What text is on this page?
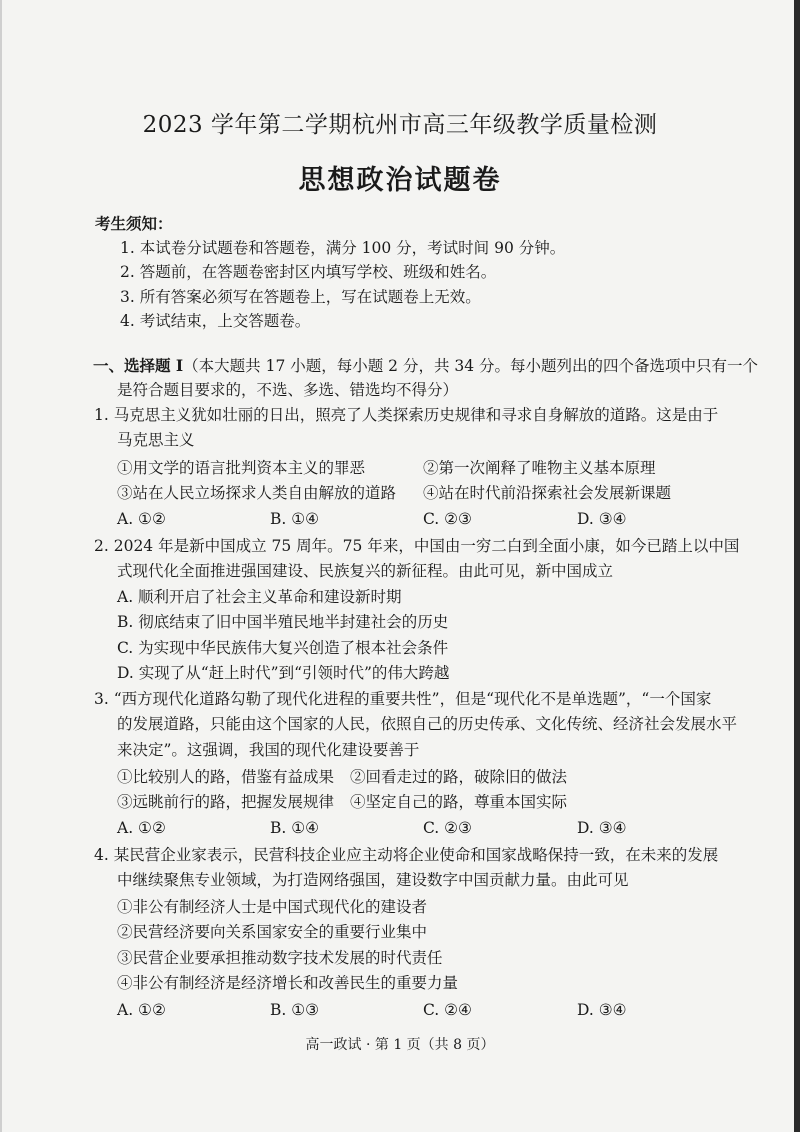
2023 学年第二学期杭州市高三年级教学质量检测
思想政治试题卷
考生须知：
1. 本试卷分试题卷和答题卷，满分 100 分，考试时间 90 分钟。
2. 答题前，在答题卷密封区内填写学校、班级和姓名。
3. 所有答案必须写在答题卷上，写在试题卷上无效。
4. 考试结束，上交答题卷。
一、选择题 I（本大题共 17 小题，每小题 2 分，共 34 分。每小题列出的四个备选项中只有一个
是符合题目要求的，不选、多选、错选均不得分）
1. 马克思主义犹如壮丽的日出，照亮了人类探索历史规律和寻求自身解放的道路。这是由于
马克思主义
①用文学的语言批判资本主义的罪恶	②第一次阐释了唯物主义基本原理
③站在人民立场探求人类自由解放的道路 ④站在时代前沿探索社会发展新课题
A. ①②	B. ①④	C. ②③	D. ③④
2. 2024 年是新中国成立 75 周年。75 年来，中国由一穷二白到全面小康，如今已踏上以中国
式现代化全面推进强国建设、民族复兴的新征程。由此可见，新中国成立
A. 顺利开启了社会主义革命和建设新时期
B. 彻底结束了旧中国半殖民地半封建社会的历史
C. 为实现中华民族伟大复兴创造了根本社会条件
D. 实现了从“赶上时代”到“引领时代”的伟大跨越
3. “西方现代化道路勾勒了现代化进程的重要共性”，但是“现代化不是单选题”，“一个国家
的发展道路，只能由这个国家的人民，依照自己的历史传承、文化传统、经济社会发展水平
来决定”。这强调，我国的现代化建设要善于
①比较别人的路，借鉴有益成果 ②回看走过的路，破除旧的做法
③远眺前行的路，把握发展规律 ④坚定自己的路，尊重本国实际
A. ①②	B. ①④	C. ②③	D. ③④
4. 某民营企业家表示，民营科技企业应主动将企业使命和国家战略保持一致，在未来的发展
中继续聚焦专业领域，为打造网络强国，建设数字中国贡献力量。由此可见
①非公有制经济人士是中国式现代化的建设者
②民营经济要向关系国家安全的重要行业集中
③民营企业要承担推动数字技术发展的时代责任
④非公有制经济是经济增长和改善民生的重要力量
A. ①②	B. ①③	C. ②④	D. ③④
高一政试 · 第 1 页（共 8 页）
